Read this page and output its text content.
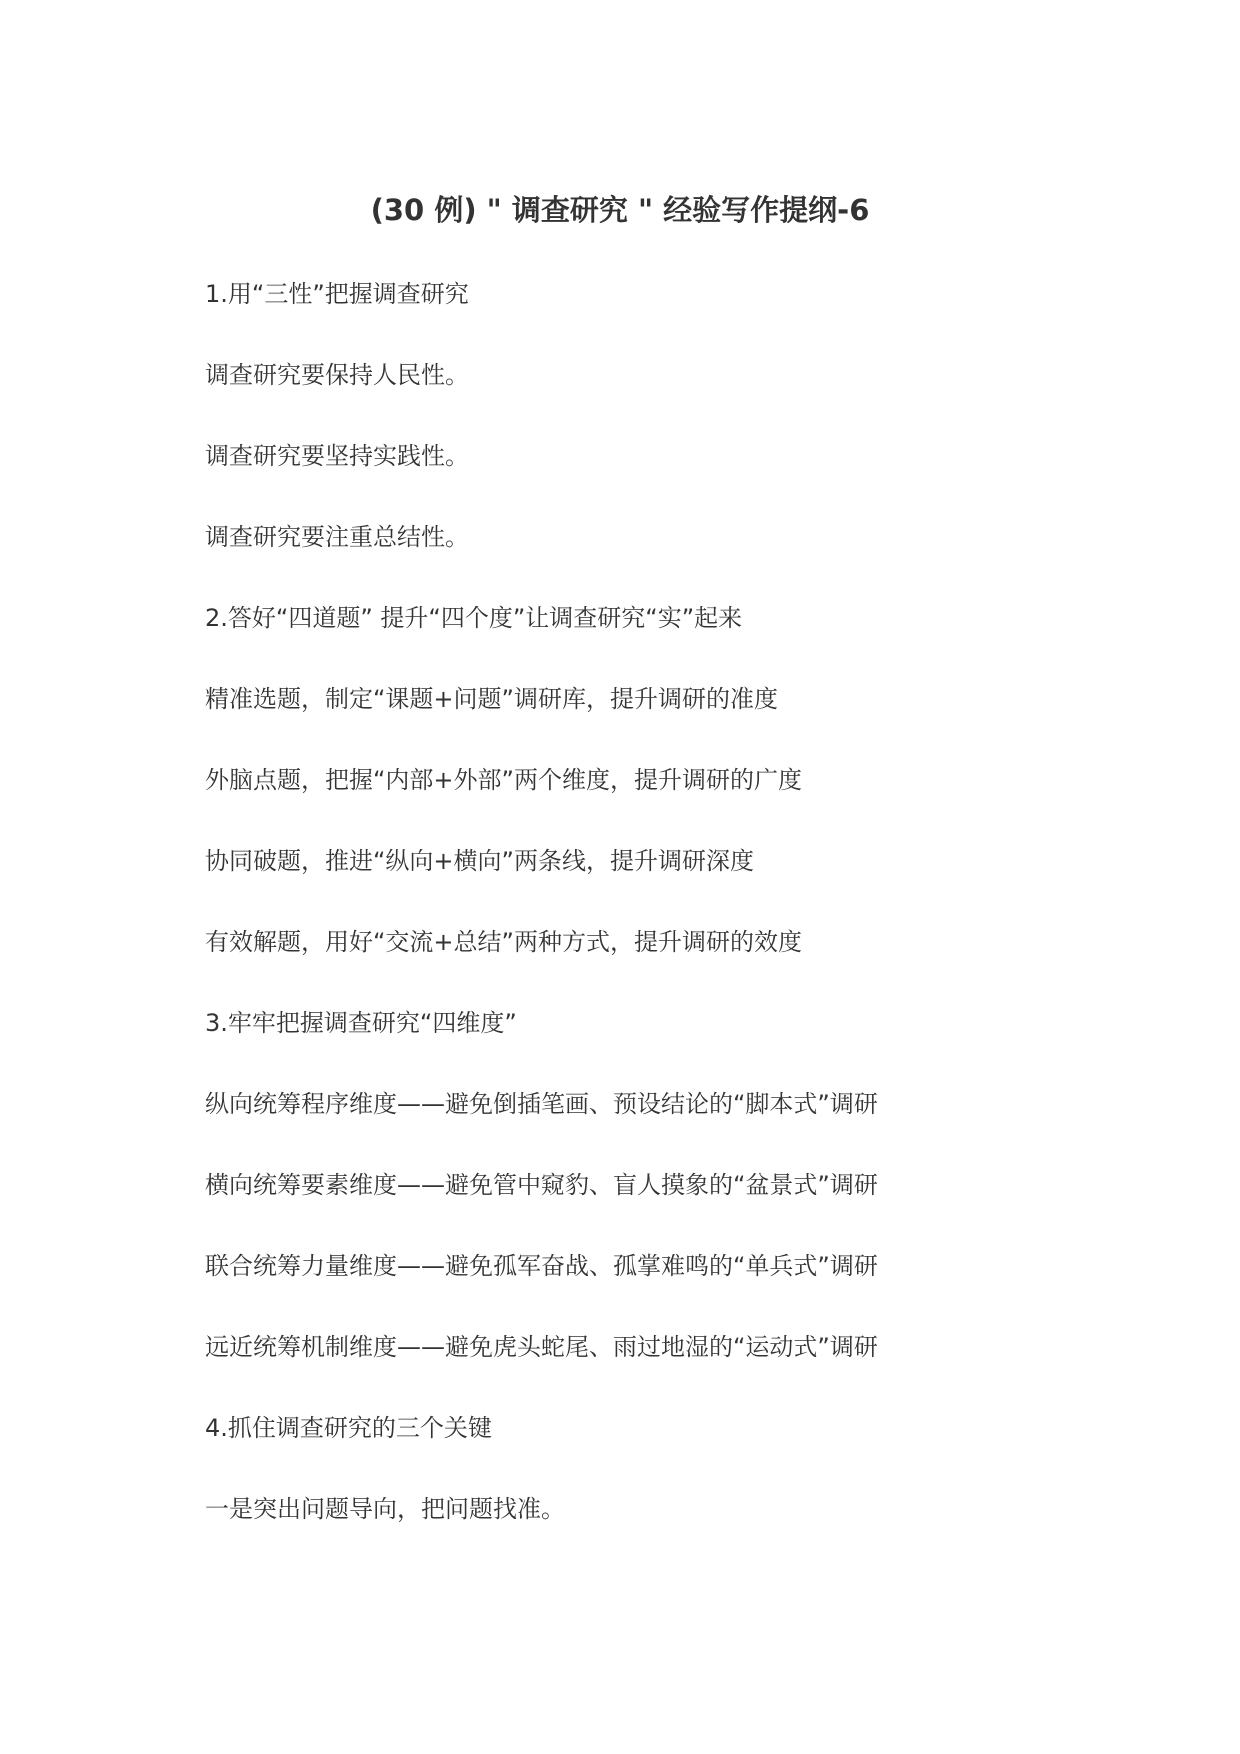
(30 例) " 调查研究 " 经验写作提纲-6

1.用“三性”把握调查研究

调查研究要保持人民性。

调查研究要坚持实践性。

调查研究要注重总结性。

2.答好“四道题” 提升“四个度”让调查研究“实”起来

精准选题，制定“课题+问题”调研库，提升调研的准度

外脑点题，把握“内部+外部”两个维度，提升调研的广度

协同破题，推进“纵向+横向”两条线，提升调研深度

有效解题，用好“交流+总结”两种方式，提升调研的效度

3.牢牢把握调查研究“四维度”

纵向统筹程序维度——避免倒插笔画、预设结论的“脚本式”调研

横向统筹要素维度——避免管中窥豹、盲人摸象的“盆景式”调研

联合统筹力量维度——避免孤军奋战、孤掌难鸣的“单兵式”调研

远近统筹机制维度——避免虎头蛇尾、雨过地湿的“运动式”调研

4.抓住调查研究的三个关键

一是突出问题导向，把问题找准。
